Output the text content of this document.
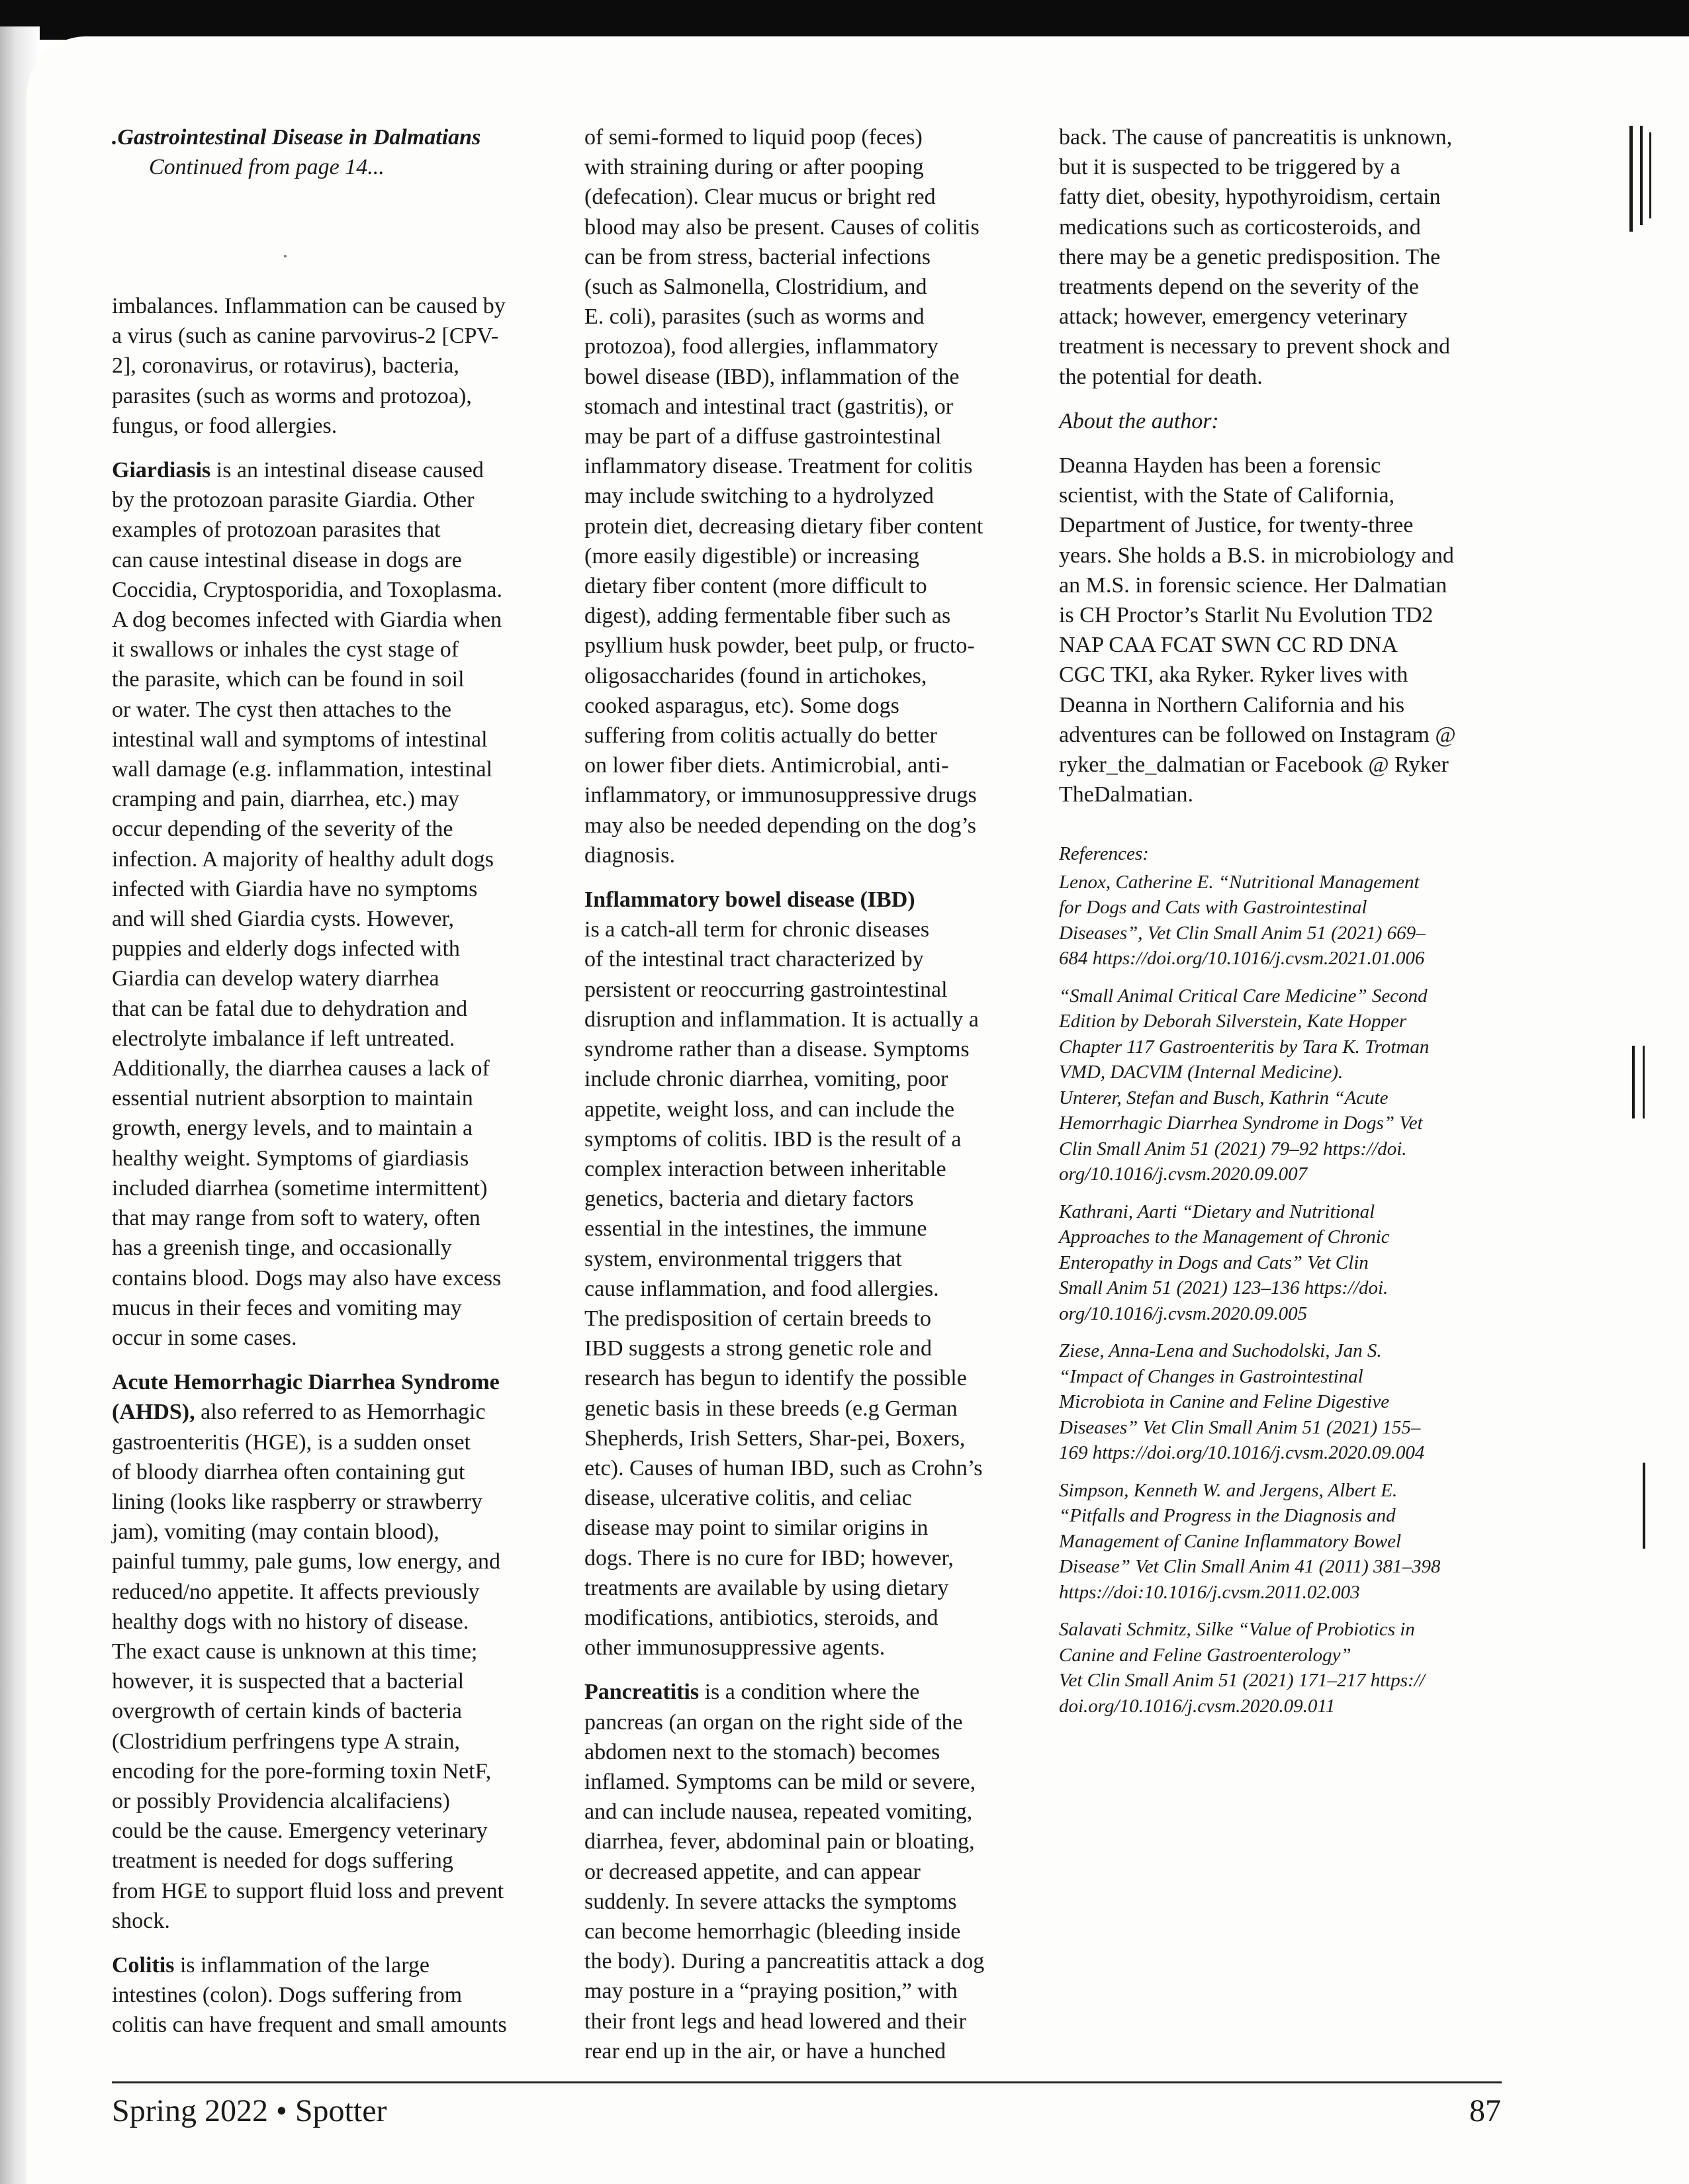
.Gastrointestinal Disease in Dalmatians
Continued from page 14...

imbalances. Inflammation can be caused by
a virus (such as canine parvovirus-2 [CPV-
2], coronavirus, or rotavirus), bacteria,
parasites (such as worms and protozoa),
fungus, or food allergies.

Giardiasis is an intestinal disease caused
by the protozoan parasite Giardia. Other
examples of protozoan parasites that
can cause intestinal disease in dogs are
Coccidia, Cryptosporidia, and Toxoplasma.
A dog becomes infected with Giardia when
it swallows or inhales the cyst stage of
the parasite, which can be found in soil
or water. The cyst then attaches to the
intestinal wall and symptoms of intestinal
wall damage (e.g. inflammation, intestinal
cramping and pain, diarrhea, etc.) may
occur depending of the severity of the
infection. A majority of healthy adult dogs
infected with Giardia have no symptoms
and will shed Giardia cysts. However,
puppies and elderly dogs infected with
Giardia can develop watery diarrhea
that can be fatal due to dehydration and
electrolyte imbalance if left untreated.
Additionally, the diarrhea causes a lack of
essential nutrient absorption to maintain
growth, energy levels, and to maintain a
healthy weight. Symptoms of giardiasis
included diarrhea (sometime intermittent)
that may range from soft to watery, often
has a greenish tinge, and occasionally
contains blood. Dogs may also have excess
mucus in their feces and vomiting may
occur in some cases.

Acute Hemorrhagic Diarrhea Syndrome
(AHDS), also referred to as Hemorrhagic
gastroenteritis (HGE), is a sudden onset
of bloody diarrhea often containing gut
lining (looks like raspberry or strawberry
jam), vomiting (may contain blood),
painful tummy, pale gums, low energy, and
reduced/no appetite. It affects previously
healthy dogs with no history of disease.
The exact cause is unknown at this time;
however, it is suspected that a bacterial
overgrowth of certain kinds of bacteria
(Clostridium perfringens type A strain,
encoding for the pore-forming toxin NetF,
or possibly Providencia alcalifaciens)
could be the cause. Emergency veterinary
treatment is needed for dogs suffering
from HGE to support fluid loss and prevent
shock.

Colitis is inflammation of the large
intestines (colon). Dogs suffering from
colitis can have frequent and small amounts

of semi-formed to liquid poop (feces)
with straining during or after pooping
(defecation). Clear mucus or bright red
blood may also be present. Causes of colitis
can be from stress, bacterial infections
(such as Salmonella, Clostridium, and
E. coli), parasites (such as worms and
protozoa), food allergies, inflammatory
bowel disease (IBD), inflammation of the
stomach and intestinal tract (gastritis), or
may be part of a diffuse gastrointestinal
inflammatory disease. Treatment for colitis
may include switching to a hydrolyzed
protein diet, decreasing dietary fiber content
(more easily digestible) or increasing
dietary fiber content (more difficult to
digest), adding fermentable fiber such as
psyllium husk powder, beet pulp, or fructo-
oligosaccharides (found in artichokes,
cooked asparagus, etc). Some dogs
suffering from colitis actually do better
on lower fiber diets. Antimicrobial, anti-
inflammatory, or immunosuppressive drugs
may also be needed depending on the dog’s
diagnosis.

Inflammatory bowel disease (IBD)
is a catch-all term for chronic diseases
of the intestinal tract characterized by
persistent or reoccurring gastrointestinal
disruption and inflammation. It is actually a
syndrome rather than a disease. Symptoms
include chronic diarrhea, vomiting, poor
appetite, weight loss, and can include the
symptoms of colitis. IBD is the result of a
complex interaction between inheritable
genetics, bacteria and dietary factors
essential in the intestines, the immune
system, environmental triggers that
cause inflammation, and food allergies.
The predisposition of certain breeds to
IBD suggests a strong genetic role and
research has begun to identify the possible
genetic basis in these breeds (e.g German
Shepherds, Irish Setters, Shar-pei, Boxers,
etc). Causes of human IBD, such as Crohn’s
disease, ulcerative colitis, and celiac
disease may point to similar origins in
dogs. There is no cure for IBD; however,
treatments are available by using dietary
modifications, antibiotics, steroids, and
other immunosuppressive agents.

Pancreatitis is a condition where the
pancreas (an organ on the right side of the
abdomen next to the stomach) becomes
inflamed. Symptoms can be mild or severe,
and can include nausea, repeated vomiting,
diarrhea, fever, abdominal pain or bloating,
or decreased appetite, and can appear
suddenly. In severe attacks the symptoms
can become hemorrhagic (bleeding inside
the body). During a pancreatitis attack a dog
may posture in a “praying position,” with
their front legs and head lowered and their
rear end up in the air, or have a hunched

back. The cause of pancreatitis is unknown,
but it is suspected to be triggered by a
fatty diet, obesity, hypothyroidism, certain
medications such as corticosteroids, and
there may be a genetic predisposition. The
treatments depend on the severity of the
attack; however, emergency veterinary
treatment is necessary to prevent shock and
the potential for death.

About the author:

Deanna Hayden has been a forensic
scientist, with the State of California,
Department of Justice, for twenty-three
years. She holds a B.S. in microbiology and
an M.S. in forensic science. Her Dalmatian
is CH Proctor’s Starlit Nu Evolution TD2
NAP CAA FCAT SWN CC RD DNA
CGC TKI, aka Ryker. Ryker lives with
Deanna in Northern California and his
adventures can be followed on Instagram @
ryker_the_dalmatian or Facebook @ Ryker
TheDalmatian.

References:

Lenox, Catherine E. “Nutritional Management
for Dogs and Cats with Gastrointestinal
Diseases”, Vet Clin Small Anim 51 (2021) 669–
684 https://doi.org/10.1016/j.cvsm.2021.01.006

“Small Animal Critical Care Medicine” Second
Edition by Deborah Silverstein, Kate Hopper
Chapter 117 Gastroenteritis by Tara K. Trotman
VMD, DACVIM (Internal Medicine).
Unterer, Stefan and Busch, Kathrin “Acute
Hemorrhagic Diarrhea Syndrome in Dogs” Vet
Clin Small Anim 51 (2021) 79–92 https://doi.
org/10.1016/j.cvsm.2020.09.007

Kathrani, Aarti “Dietary and Nutritional
Approaches to the Management of Chronic
Enteropathy in Dogs and Cats” Vet Clin
Small Anim 51 (2021) 123–136 https://doi.
org/10.1016/j.cvsm.2020.09.005

Ziese, Anna-Lena and Suchodolski, Jan S.
“Impact of Changes in Gastrointestinal
Microbiota in Canine and Feline Digestive
Diseases” Vet Clin Small Anim 51 (2021) 155–
169 https://doi.org/10.1016/j.cvsm.2020.09.004

Simpson, Kenneth W. and Jergens, Albert E.
“Pitfalls and Progress in the Diagnosis and
Management of Canine Inflammatory Bowel
Disease” Vet Clin Small Anim 41 (2011) 381–398
https://doi:10.1016/j.cvsm.2011.02.003

Salavati Schmitz, Silke “Value of Probiotics in
Canine and Feline Gastroenterology”
Vet Clin Small Anim 51 (2021) 171–217 https://
doi.org/10.1016/j.cvsm.2020.09.011

Spring 2022 • Spotter	87
